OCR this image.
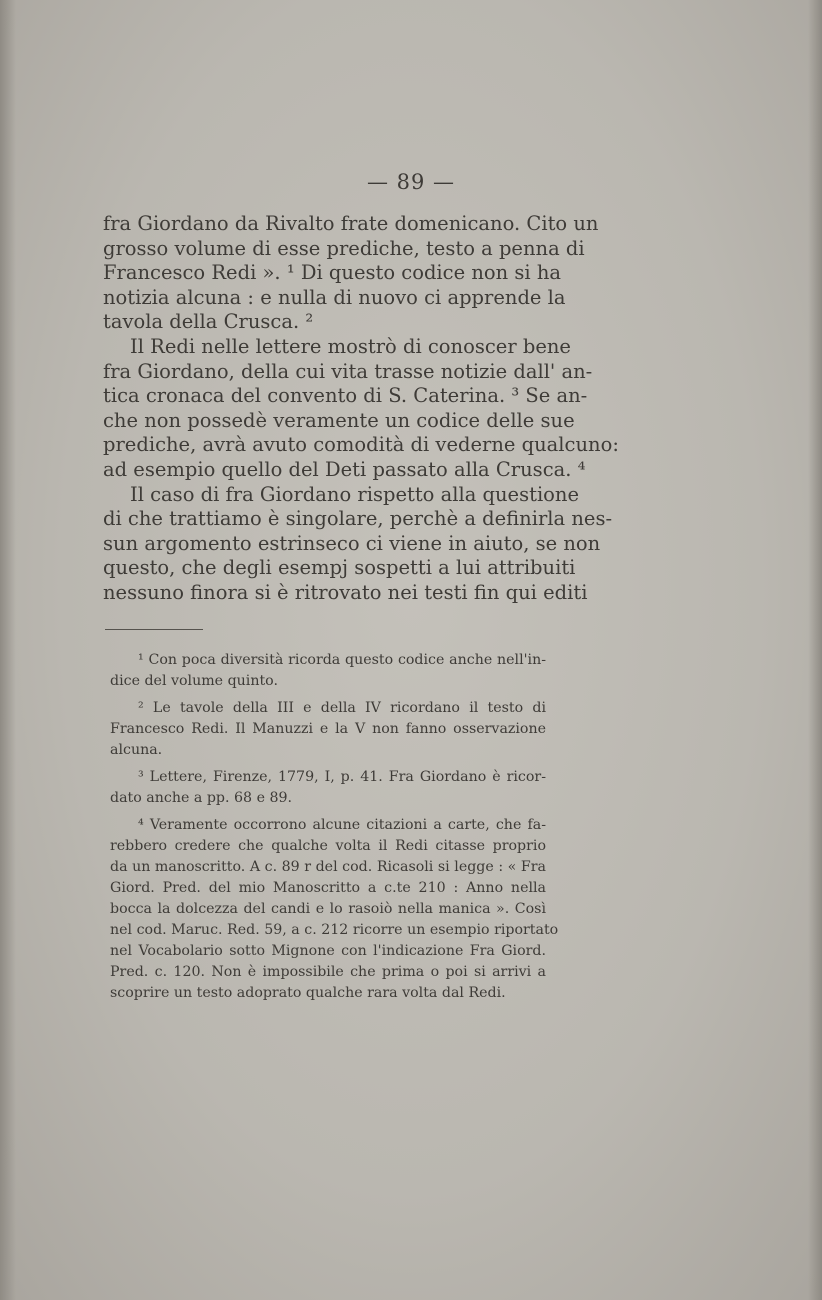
— 89 —
fra Giordano da Rivalto frate domenicano. Cito un
grosso volume di esse prediche, testo a penna di
Francesco Redi ». ¹ Di questo codice non si ha
notizia alcuna : e nulla di nuovo ci apprende la
tavola della Crusca. ²
Il Redi nelle lettere mostrò di conoscer bene
fra Giordano, della cui vita trasse notizie dall' an-
tica cronaca del convento di S. Caterina. ³ Se an-
che non possedè veramente un codice delle sue
prediche, avrà avuto comodità di vederne qualcuno:
ad esempio quello del Deti passato alla Crusca. ⁴
Il caso di fra Giordano rispetto alla questione
di che trattiamo è singolare, perchè a definirla nes-
sun argomento estrinseco ci viene in aiuto, se non
questo, che degli esempj sospetti a lui attribuiti
nessuno finora si è ritrovato nei testi fin qui editi
¹ Con poca diversità ricorda questo codice anche nell'in-
dice del volume quinto.
² Le tavole della III e della IV ricordano il testo di
Francesco Redi. Il Manuzzi e la V non fanno osservazione
alcuna.
³ Lettere, Firenze, 1779, I, p. 41. Fra Giordano è ricor-
dato anche a pp. 68 e 89.
⁴ Veramente occorrono alcune citazioni a carte, che fa-
rebbero credere che qualche volta il Redi citasse proprio
da un manoscritto. A c. 89 r del cod. Ricasoli si legge : « Fra
Giord. Pred. del mio Manoscritto a c.te 210 : Anno nella
bocca la dolcezza del candi e lo rasoiò nella manica ». Così
nel cod. Maruc. Red. 59, a c. 212 ricorre un esempio riportato
nel Vocabolario sotto Mignone con l'indicazione Fra Giord.
Pred. c. 120. Non è impossibile che prima o poi si arrivi a
scoprire un testo adoprato qualche rara volta dal Redi.
